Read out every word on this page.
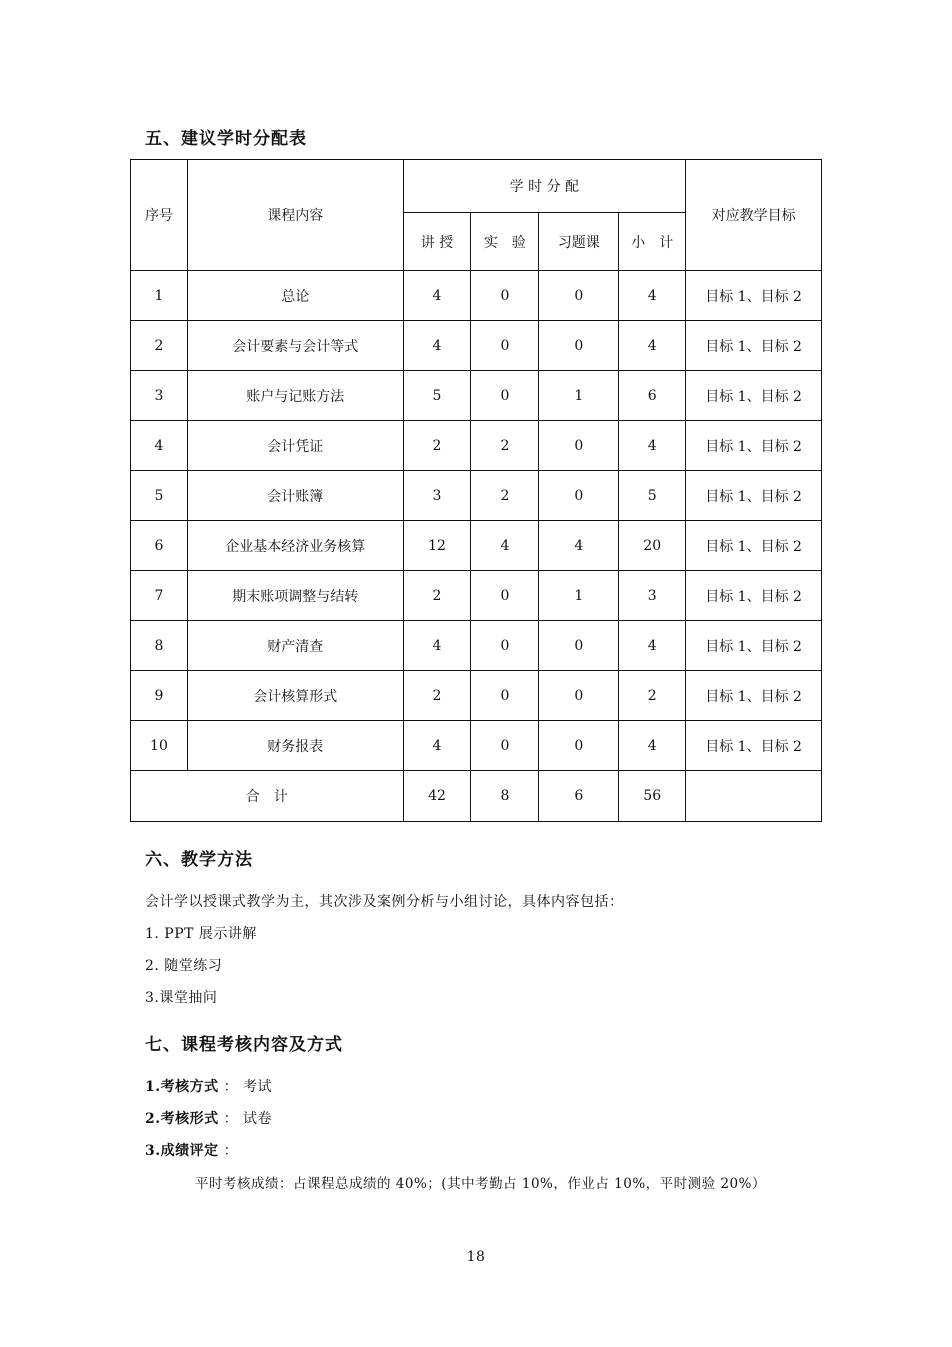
五、建议学时分配表
序号	课程内容	学 时 分 配				对应教学目标
		讲 授	实　验	习题课	小　计	
1	总论	4	0	0	4	目标 1、目标 2
2	会计要素与会计等式	4	0	0	4	目标 1、目标 2
3	账户与记账方法	5	0	1	6	目标 1、目标 2
4	会计凭证	2	2	0	4	目标 1、目标 2
5	会计账簿	3	2	0	5	目标 1、目标 2
6	企业基本经济业务核算	12	4	4	20	目标 1、目标 2
7	期末账项调整与结转	2	0	1	3	目标 1、目标 2
8	财产清查	4	0	0	4	目标 1、目标 2
9	会计核算形式	2	0	0	2	目标 1、目标 2
10	财务报表	4	0	0	4	目标 1、目标 2
合　计		42	8	6	56	
六、教学方法
会计学以授课式教学为主，其次涉及案例分析与小组讨论，具体内容包括：
1. PPT 展示讲解
2. 随堂练习
3.课堂抽问
七、课程考核内容及方式
1.考核方式 ： 考试
2.考核形式 ： 试卷
3.成绩评定 ：
平时考核成绩：占课程总成绩的 40%；(其中考勤占 10%，作业占 10%，平时测验 20%）
18
